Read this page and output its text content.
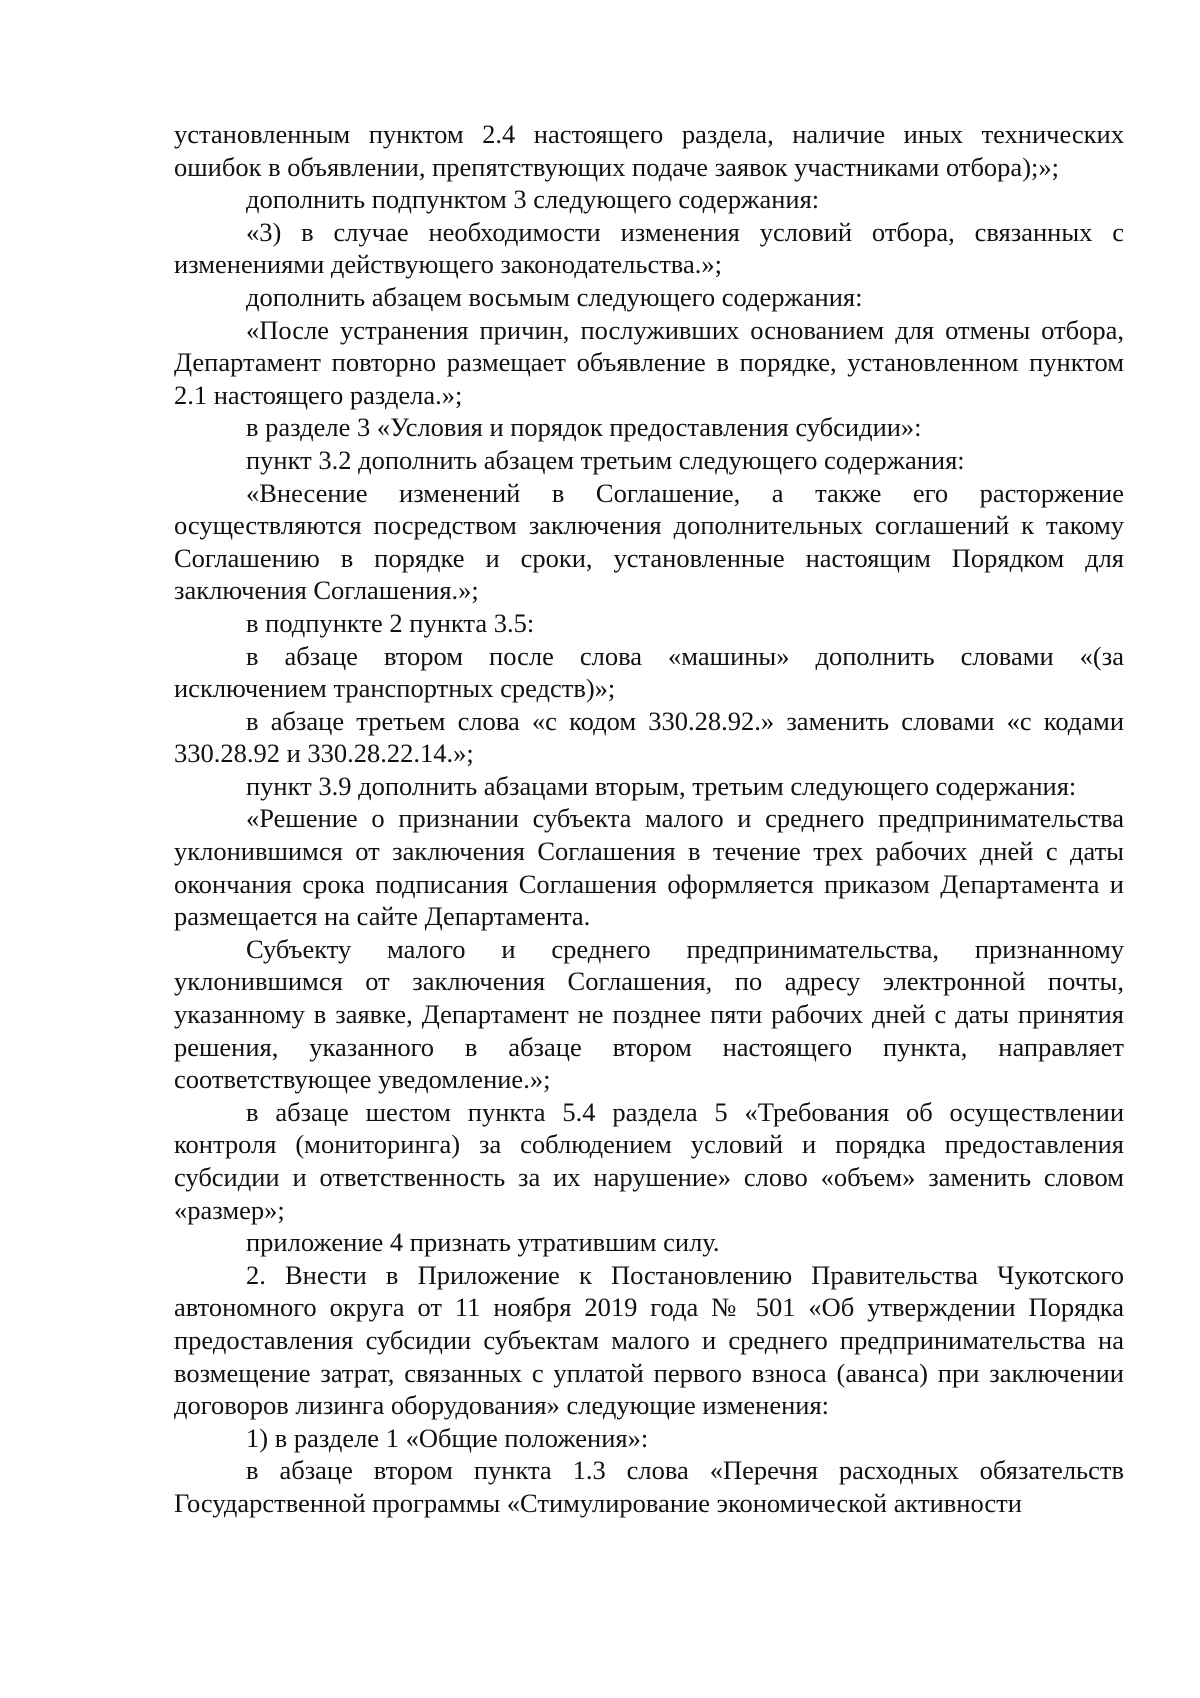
установленным пунктом 2.4 настоящего раздела, наличие иных технических ошибок в объявлении, препятствующих подаче заявок участниками отбора);»;

дополнить подпунктом 3 следующего содержания:

«3) в случае необходимости изменения условий отбора, связанных с изменениями действующего законодательства.»;

дополнить абзацем восьмым следующего содержания:

«После устранения причин, послуживших основанием для отмены отбора, Департамент повторно размещает объявление в порядке, установленном пунктом 2.1 настоящего раздела.»;

в разделе 3 «Условия и порядок предоставления субсидии»:

пункт 3.2 дополнить абзацем третьим следующего содержания:

«Внесение изменений в Соглашение, а также его расторжение осуществляются посредством заключения дополнительных соглашений к такому Соглашению в порядке и сроки, установленные настоящим Порядком для заключения Соглашения.»;

в подпункте 2 пункта 3.5:

в абзаце втором после слова «машины» дополнить словами «(за исключением транспортных средств)»;

в абзаце третьем слова «с кодом 330.28.92.» заменить словами «с кодами 330.28.92 и 330.28.22.14.»;

пункт 3.9 дополнить абзацами вторым, третьим следующего содержания:

«Решение о признании субъекта малого и среднего предпринимательства уклонившимся от заключения Соглашения в течение трех рабочих дней с даты окончания срока подписания Соглашения оформляется приказом Департамента и размещается на сайте Департамента.

Субъекту малого и среднего предпринимательства, признанному уклонившимся от заключения Соглашения, по адресу электронной почты, указанному в заявке, Департамент не позднее пяти рабочих дней с даты принятия решения, указанного в абзаце втором настоящего пункта, направляет соответствующее уведомление.»;

в абзаце шестом пункта 5.4 раздела 5 «Требования об осуществлении контроля (мониторинга) за соблюдением условий и порядка предоставления субсидии и ответственность за их нарушение» слово «объем» заменить словом «размер»;

приложение 4 признать утратившим силу.

2. Внести в Приложение к Постановлению Правительства Чукотского автономного округа от 11 ноября 2019 года № 501 «Об утверждении Порядка предоставления субсидии субъектам малого и среднего предпринимательства на возмещение затрат, связанных с уплатой первого взноса (аванса) при заключении договоров лизинга оборудования» следующие изменения:

1) в разделе 1 «Общие положения»:

в абзаце втором пункта 1.3 слова «Перечня расходных обязательств Государственной программы «Стимулирование экономической активности
